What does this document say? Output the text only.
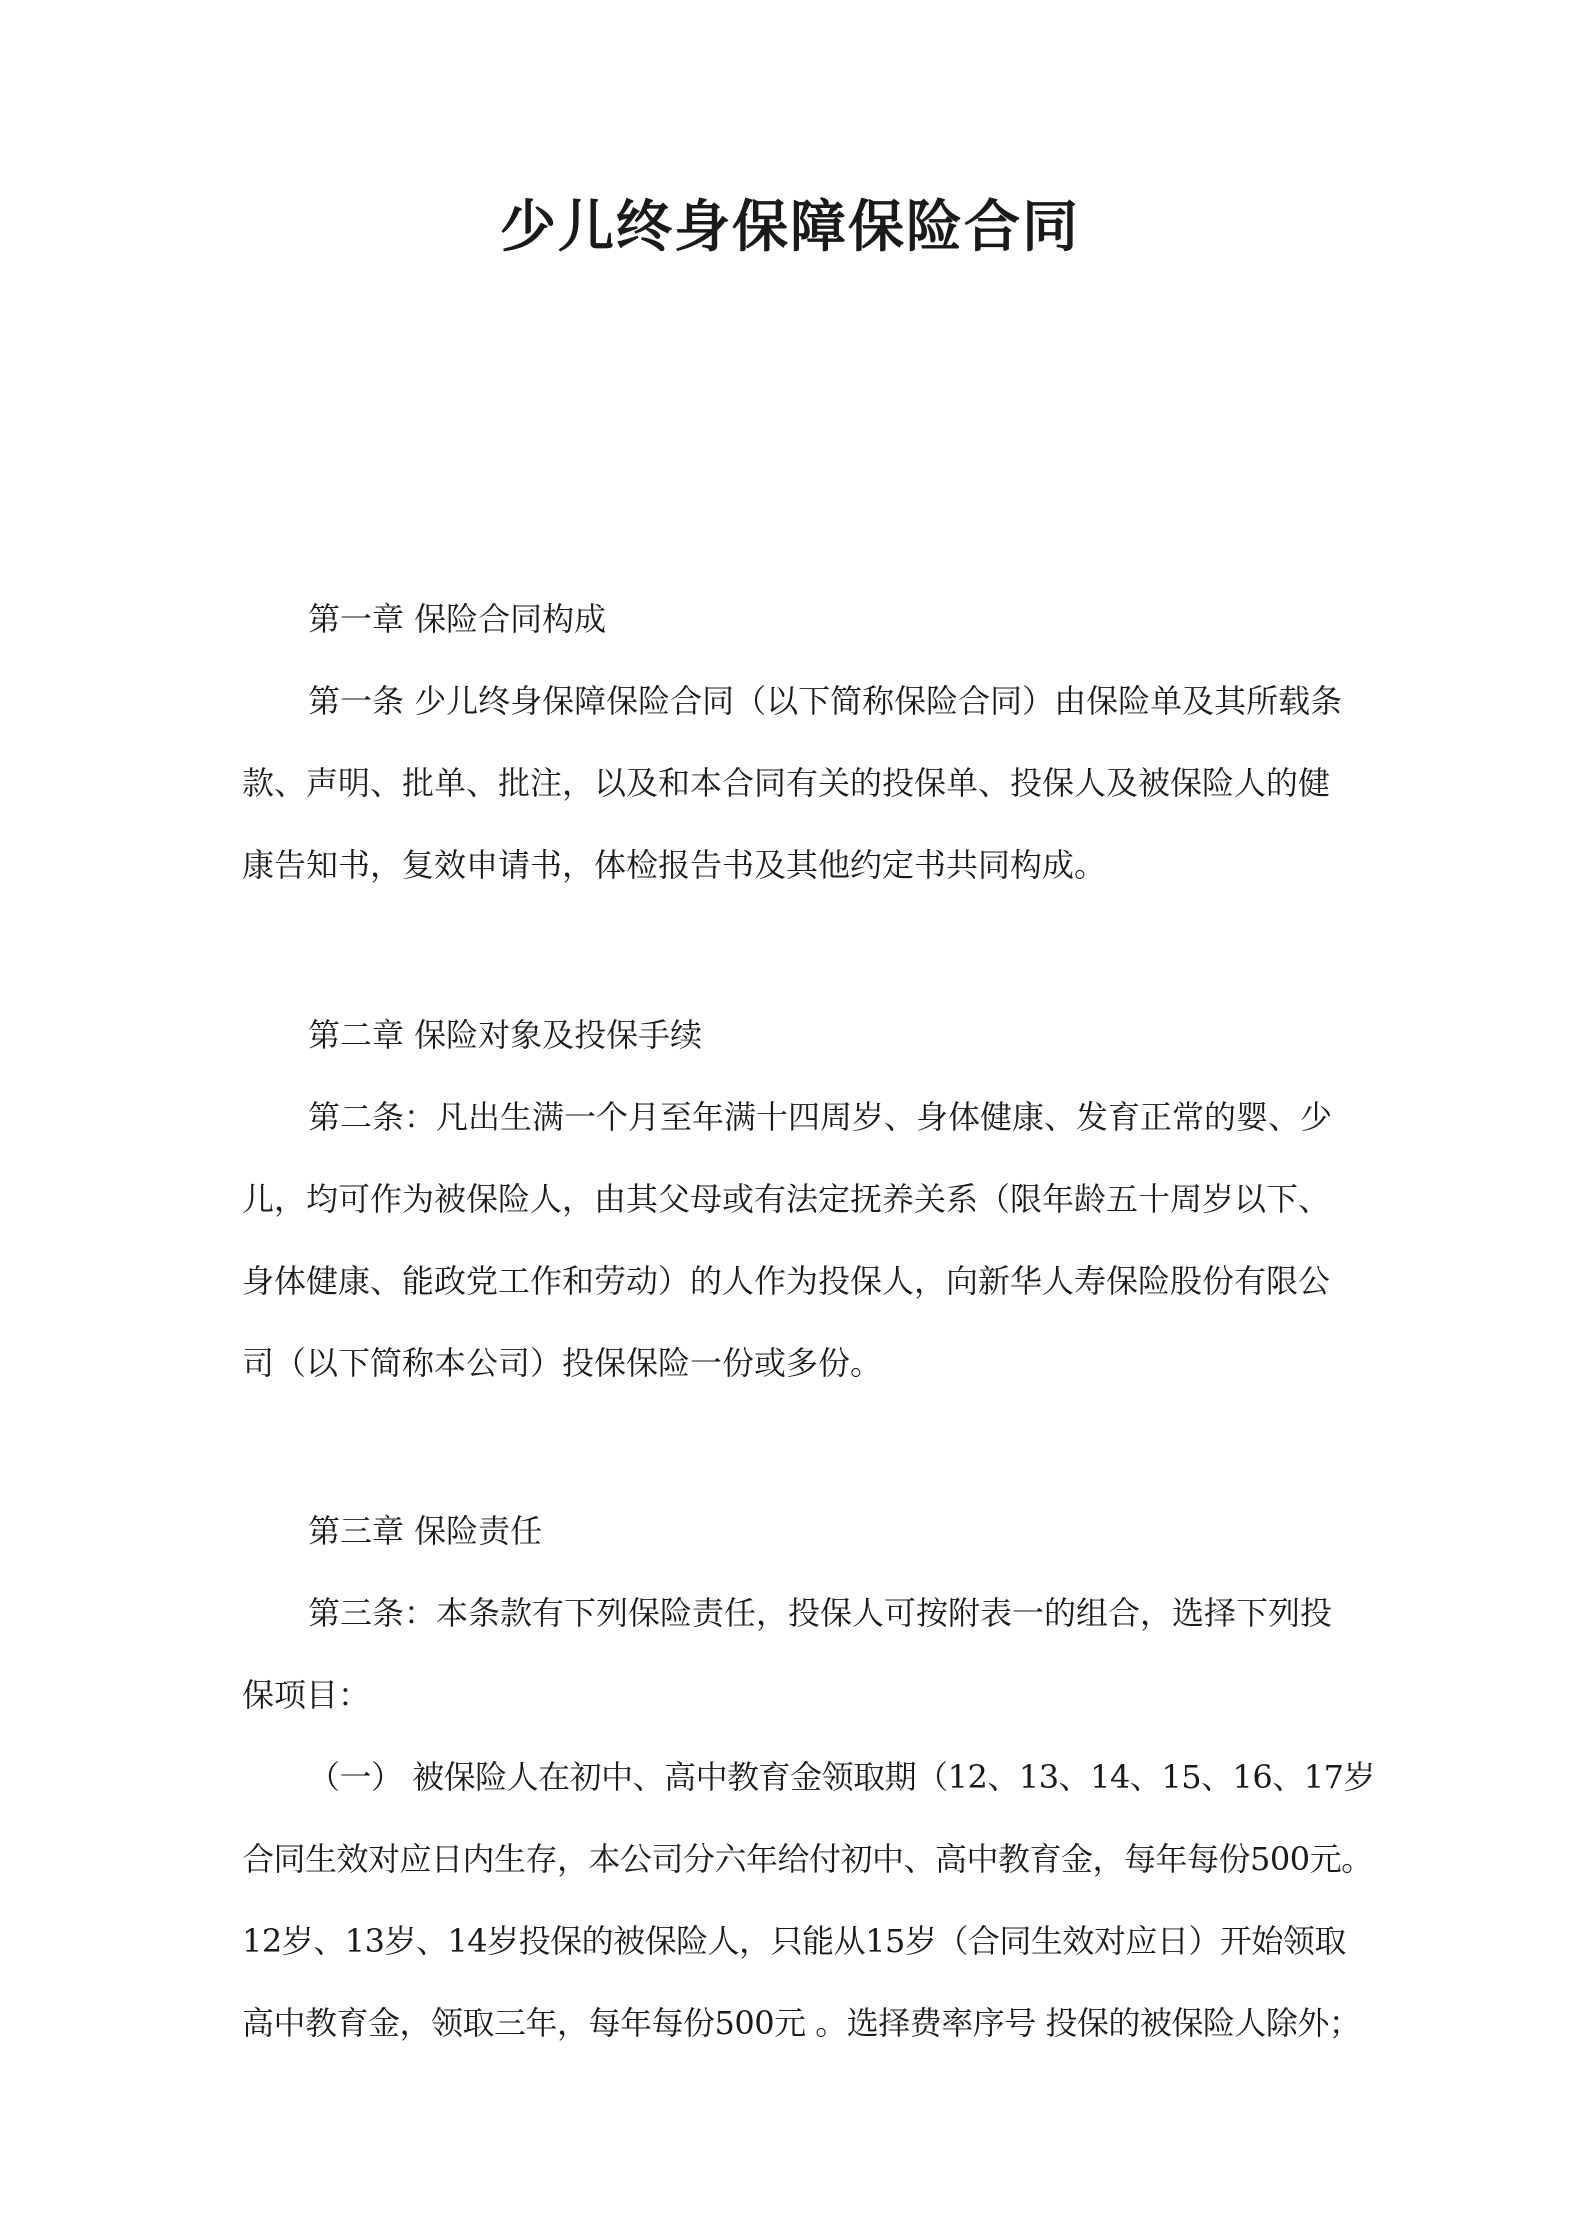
少儿终身保障保险合同
第一章 保险合同构成
第一条 少儿终身保障保险合同（以下简称保险合同）由保险单及其所载条
款、声明、批单、批注，以及和本合同有关的投保单、投保人及被保险人的健
康告知书，复效申请书，体检报告书及其他约定书共同构成。
第二章 保险对象及投保手续
第二条：凡出生满一个月至年满十四周岁、身体健康、发育正常的婴、少
儿，均可作为被保险人，由其父母或有法定抚养关系（限年龄五十周岁以下、
身体健康、能政党工作和劳动）的人作为投保人，向新华人寿保险股份有限公
司（以下简称本公司）投保保险一份或多份。
第三章 保险责任
第三条：本条款有下列保险责任，投保人可按附表一的组合，选择下列投
保项目：
（一） 被保险人在初中、高中教育金领取期（12、13、14、15、16、17岁
合同生效对应日内生存，本公司分六年给付初中、高中教育金，每年每份500元。
12岁、13岁、14岁投保的被保险人，只能从15岁（合同生效对应日）开始领取
高中教育金，领取三年，每年每份500元 。选择费率序号 投保的被保险人除外；
